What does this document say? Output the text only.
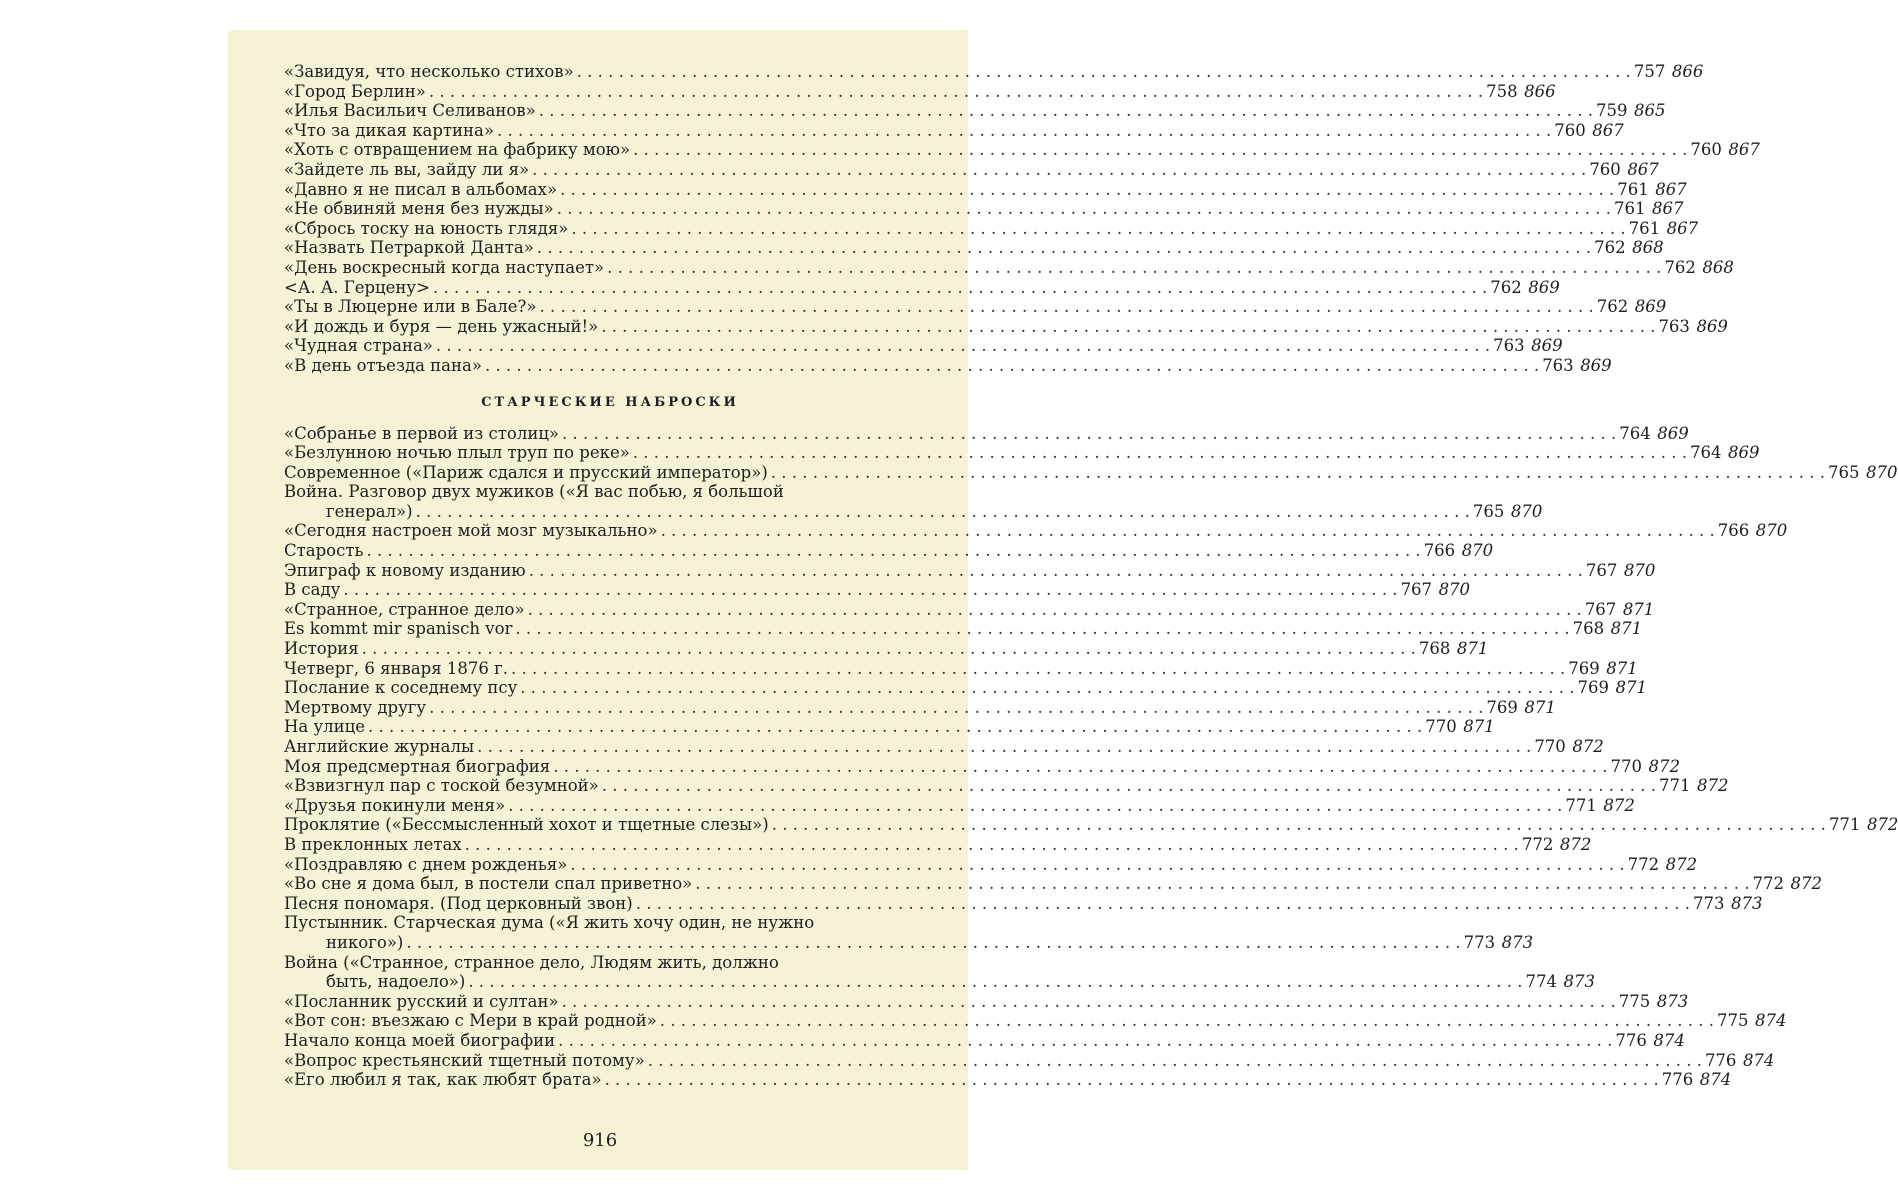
«Завидуя, что несколько стихов» . . .	757 866
«Город Берлин» . . .	758 866
«Илья Васильич Селиванов» . . .	759 865
«Что за дикая картина» . . .	760 867
«Хоть с отвращением на фабрику мою» . . .	760 867
«Зайдете ль вы, зайду ли я» . . .	760 867
«Давно я не писал в альбомах» . . .	761 867
«Не обвиняй меня без нужды» . . .	761 867
«Сбрось тоску на юность глядя» . . .	761 867
«Назвать Петраркой Данта» . . .	762 868
«День воскресный когда наступает» . . .	762 868
<А. А. Герцену> . . .	762 869
«Ты в Люцерне или в Бале?» . . .	762 869
«И дождь и буря — день ужасный!» . . .	763 869
«Чудная страна» . . .	763 869
«В день отъезда пана» . . .	763 869
СТАРЧЕСКИЕ НАБРОСКИ
«Собранье в первой из столиц» . . .	764 869
«Безлунною ночью плыл труп по реке» . . .	764 869
Современное («Париж сдался и прусский император») . . .	765 870
Война. Разговор двух мужиков («Я вас побью, я большой
генерал») . . .	765 870
«Сегодня настроен мой мозг музыкально» . . .	766 870
Старость . . .	766 870
Эпиграф к новому изданию . . .	767 870
В саду . . .	767 870
«Странное, странное дело» . . .	767 871
Es kommt mir spanisch vor . . .	768 871
История . . .	768 871
Четверг, 6 января 1876 г. . . .	769 871
Послание к соседнему псу . . .	769 871
Мертвому другу . . .	769 871
На улице . . .	770 871
Английские журналы . . .	770 872
Моя предсмертная биография . . .	770 872
«Взвизгнул пар с тоской безумной» . . .	771 872
«Друзья покинули меня» . . .	771 872
Проклятие («Бессмысленный хохот и тщетные слезы») . . .	771 872
В преклонных летах . . .	772 872
«Поздравляю с днем рожденья» . . .	772 872
«Во сне я дома был, в постели спал приветно» . . .	772 872
Песня пономаря. (Под церковный звон) . . .	773 873
Пустынник. Старческая дума («Я жить хочу один, не нужно
никого») . . .	773 873
Война («Странное, странное дело, Людям жить, должно
быть, надоело») . . .	774 873
«Посланник русский и султан» . . .	775 873
«Вот сон: въезжаю с Мери в край родной» . . .	775 874
Начало конца моей биографии . . .	776 874
«Вопрос крестьянский тщетный потому» . . .	776 874
«Его любил я так, как любят брата» . . .	776 874
916
